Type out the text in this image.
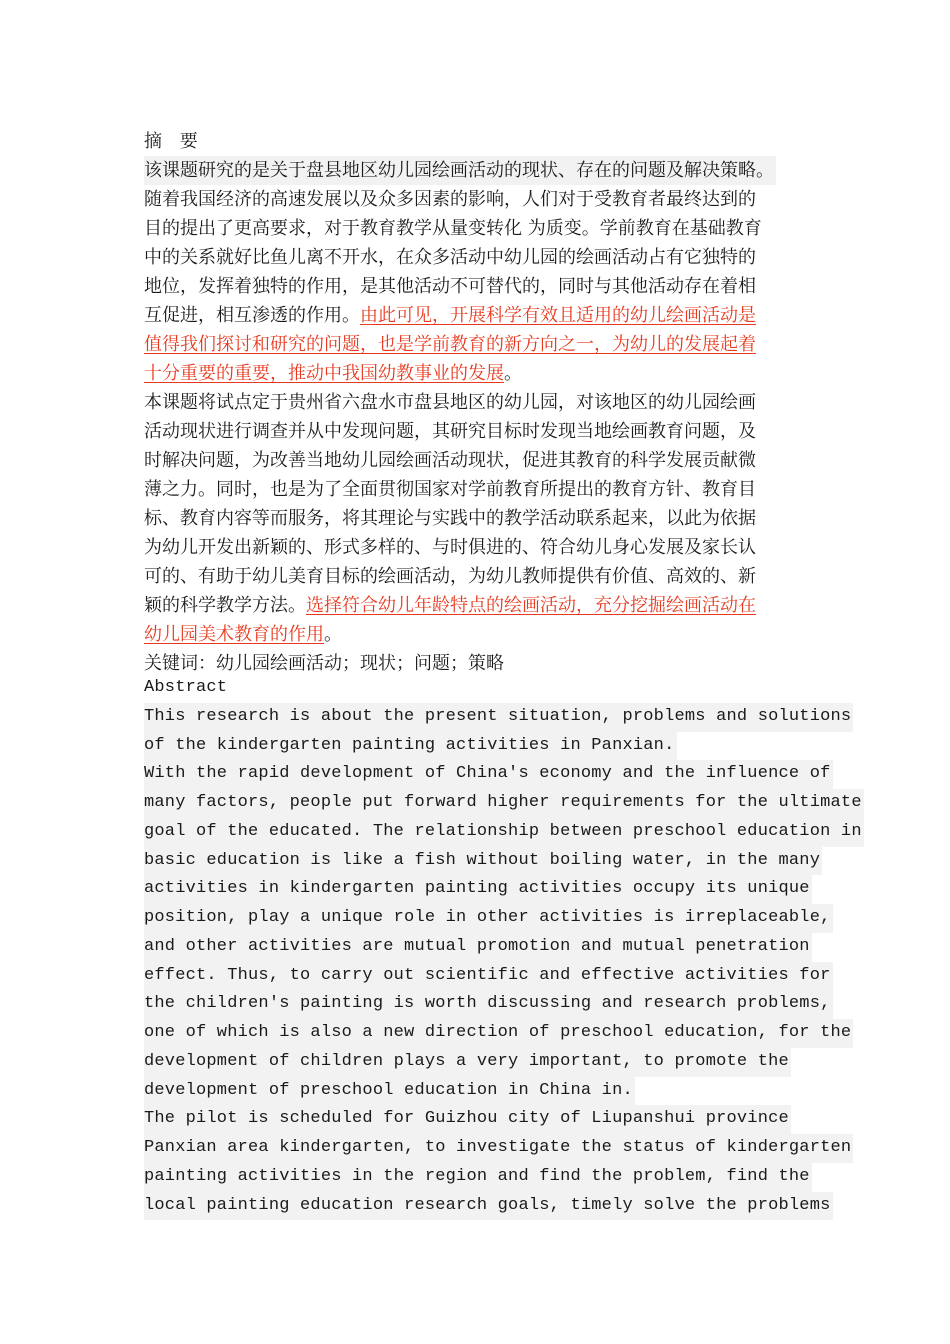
摘 要
该课题研究的是关于盘县地区幼儿园绘画活动的现状、存在的问题及解决策略。
随着我国经济的高速发展以及众多因素的影响，人们对于受教育者最终达到的
目的提出了更高要求，对于教育教学从量变转化 为质变。学前教育在基础教育
中的关系就好比鱼儿离不开水，在众多活动中幼儿园的绘画活动占有它独特的
地位，发挥着独特的作用，是其他活动不可替代的，同时与其他活动存在着相
互促进，相互渗透的作用。由此可见，开展科学有效且适用的幼儿绘画活动是
值得我们探讨和研究的问题，也是学前教育的新方向之一，为幼儿的发展起着
十分重要的重要，推动中我国幼教事业的发展。
本课题将试点定于贵州省六盘水市盘县地区的幼儿园，对该地区的幼儿园绘画
活动现状进行调查并从中发现问题，其研究目标时发现当地绘画教育问题，及
时解决问题，为改善当地幼儿园绘画活动现状，促进其教育的科学发展贡献微
薄之力。同时，也是为了全面贯彻国家对学前教育所提出的教育方针、教育目
标、教育内容等而服务，将其理论与实践中的教学活动联系起来，以此为依据
为幼儿开发出新颖的、形式多样的、与时俱进的、符合幼儿身心发展及家长认
可的、有助于幼儿美育目标的绘画活动，为幼儿教师提供有价值、高效的、新
颖的科学教学方法。选择符合幼儿年龄特点的绘画活动，充分挖掘绘画活动在
幼儿园美术教育的作用。
关键词：幼儿园绘画活动；现状；问题；策略
Abstract
This research is about the present situation, problems and solutions
of the kindergarten painting activities in Panxian.
With the rapid development of China's economy and the influence of
many factors, people put forward higher requirements for the ultimate
goal of the educated. The relationship between preschool education in
basic education is like a fish without boiling water, in the many
activities in kindergarten painting activities occupy its unique
position, play a unique role in other activities is irreplaceable,
and other activities are mutual promotion and mutual penetration
effect. Thus, to carry out scientific and effective activities for
the children's painting is worth discussing and research problems,
one of which is also a new direction of preschool education, for the
development of children plays a very important, to promote the
development of preschool education in China in.
The pilot is scheduled for Guizhou city of Liupanshui province
Panxian area kindergarten, to investigate the status of kindergarten
painting activities in the region and find the problem, find the
local painting education research goals, timely solve the problems
